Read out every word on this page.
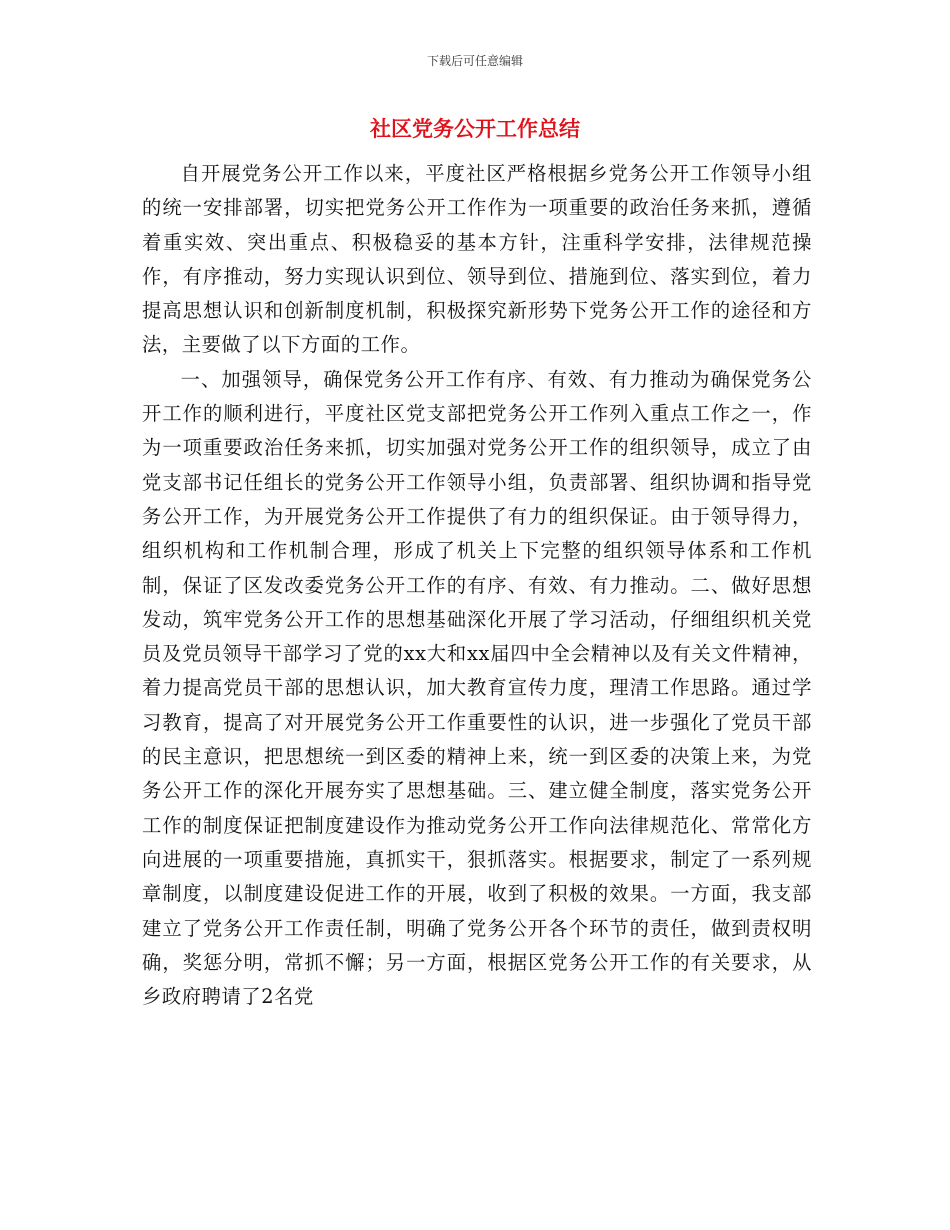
下载后可任意编辑
社区党务公开工作总结

自开展党务公开工作以来，平度社区严格根据乡党务公开工作领导小组的统一安排部署，切实把党务公开工作作为一项重要的政治任务来抓，遵循着重实效、突出重点、积极稳妥的基本方针，注重科学安排，法律规范操作，有序推动，努力实现认识到位、领导到位、措施到位、落实到位，着力提高思想认识和创新制度机制，积极探究新形势下党务公开工作的途径和方法，主要做了以下方面的工作。

一、加强领导，确保党务公开工作有序、有效、有力推动为确保党务公开工作的顺利进行，平度社区党支部把党务公开工作列入重点工作之一，作为一项重要政治任务来抓，切实加强对党务公开工作的组织领导，成立了由党支部书记任组长的党务公开工作领导小组，负责部署、组织协调和指导党务公开工作，为开展党务公开工作提供了有力的组织保证。由于领导得力，组织机构和工作机制合理，形成了机关上下完整的组织领导体系和工作机制，保证了区发改委党务公开工作的有序、有效、有力推动。二、做好思想发动，筑牢党务公开工作的思想基础深化开展了学习活动，仔细组织机关党员及党员领导干部学习了党的xx大和xx届四中全会精神以及有关文件精神，着力提高党员干部的思想认识，加大教育宣传力度，理清工作思路。通过学习教育，提高了对开展党务公开工作重要性的认识，进一步强化了党员干部的民主意识，把思想统一到区委的精神上来，统一到区委的决策上来，为党务公开工作的深化开展夯实了思想基础。三、建立健全制度，落实党务公开工作的制度保证把制度建设作为推动党务公开工作向法律规范化、常常化方向进展的一项重要措施，真抓实干，狠抓落实。根据要求，制定了一系列规章制度，以制度建设促进工作的开展，收到了积极的效果。一方面，我支部建立了党务公开工作责任制，明确了党务公开各个环节的责任，做到责权明确，奖惩分明，常抓不懈；另一方面，根据区党务公开工作的有关要求，从乡政府聘请了2名党
